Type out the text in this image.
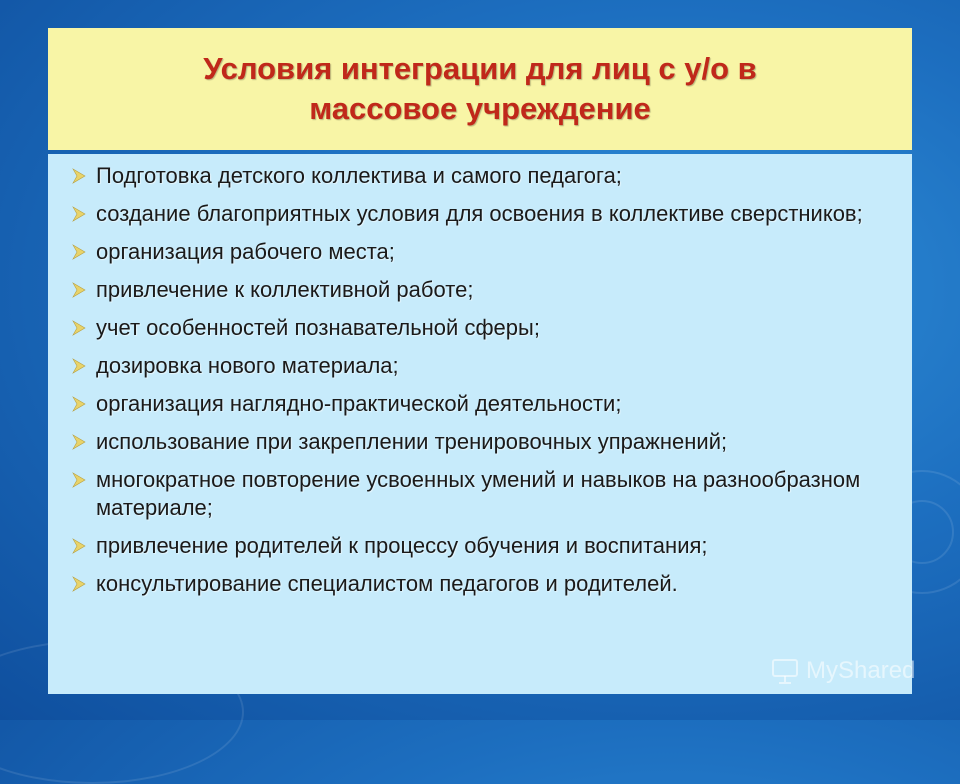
Условия интеграции для лиц с у/о в
массовое учреждение
Подготовка детского коллектива и самого педагога;
создание благоприятных условия для освоения в коллективе сверстников;
организация рабочего места;
привлечение к коллективной работе;
учет особенностей познавательной сферы;
дозировка нового материала;
организация наглядно-практической деятельности;
использование при закреплении тренировочных упражнений;
многократное повторение усвоенных умений и навыков на разнообразном материале;
привлечение родителей к процессу обучения и воспитания;
консультирование специалистом педагогов и родителей.
MyShared
